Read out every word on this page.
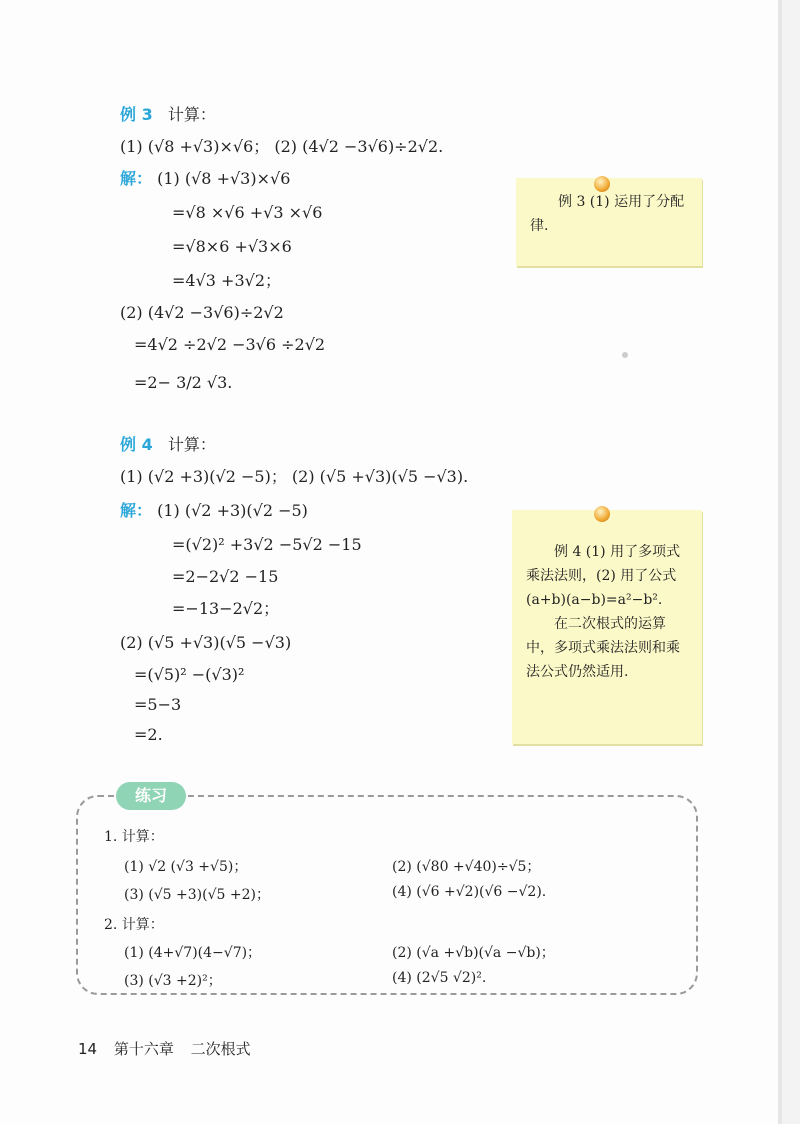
例 3 计算：
(1) (√8 +√3)×√6； (2) (4√2 −3√6)÷2√2.
解： (1) (√8 +√3)×√6
=√8 ×√6 +√3 ×√6
=√8×6 +√3×6
=4√3 +3√2；
(2) (4√2 −3√6)÷2√2
=4√2 ÷2√2 −3√6 ÷2√2
=2− 3/2 √3.

例 3 (1) 运用了分配律.

例 4 计算：
(1) (√2 +3)(√2 −5)； (2) (√5 +√3)(√5 −√3).
解： (1) (√2 +3)(√2 −5)
=(√2)² +3√2 −5√2 −15
=2−2√2 −15
=−13−2√2；
(2) (√5 +√3)(√5 −√3)
=(√5)² −(√3)²
=5−3
=2.

例 4 (1) 用了多项式乘法法则，(2) 用了公式(a+b)(a−b)=a²−b².

在二次根式的运算中，多项式乘法法则和乘法公式仍然适用.

练习
1. 计算：
(1) √2 (√3 +√5)；	(2) (√80 +√40)÷√5；
(3) (√5 +3)(√5 +2)；	(4) (√6 +√2)(√6 −√2).
2. 计算：
(1) (4+√7)(4−√7)；	(2) (√a +√b)(√a −√b)；
(3) (√3 +2)²；	(4) (2√5 √2)².
14 第十六章 二次根式
